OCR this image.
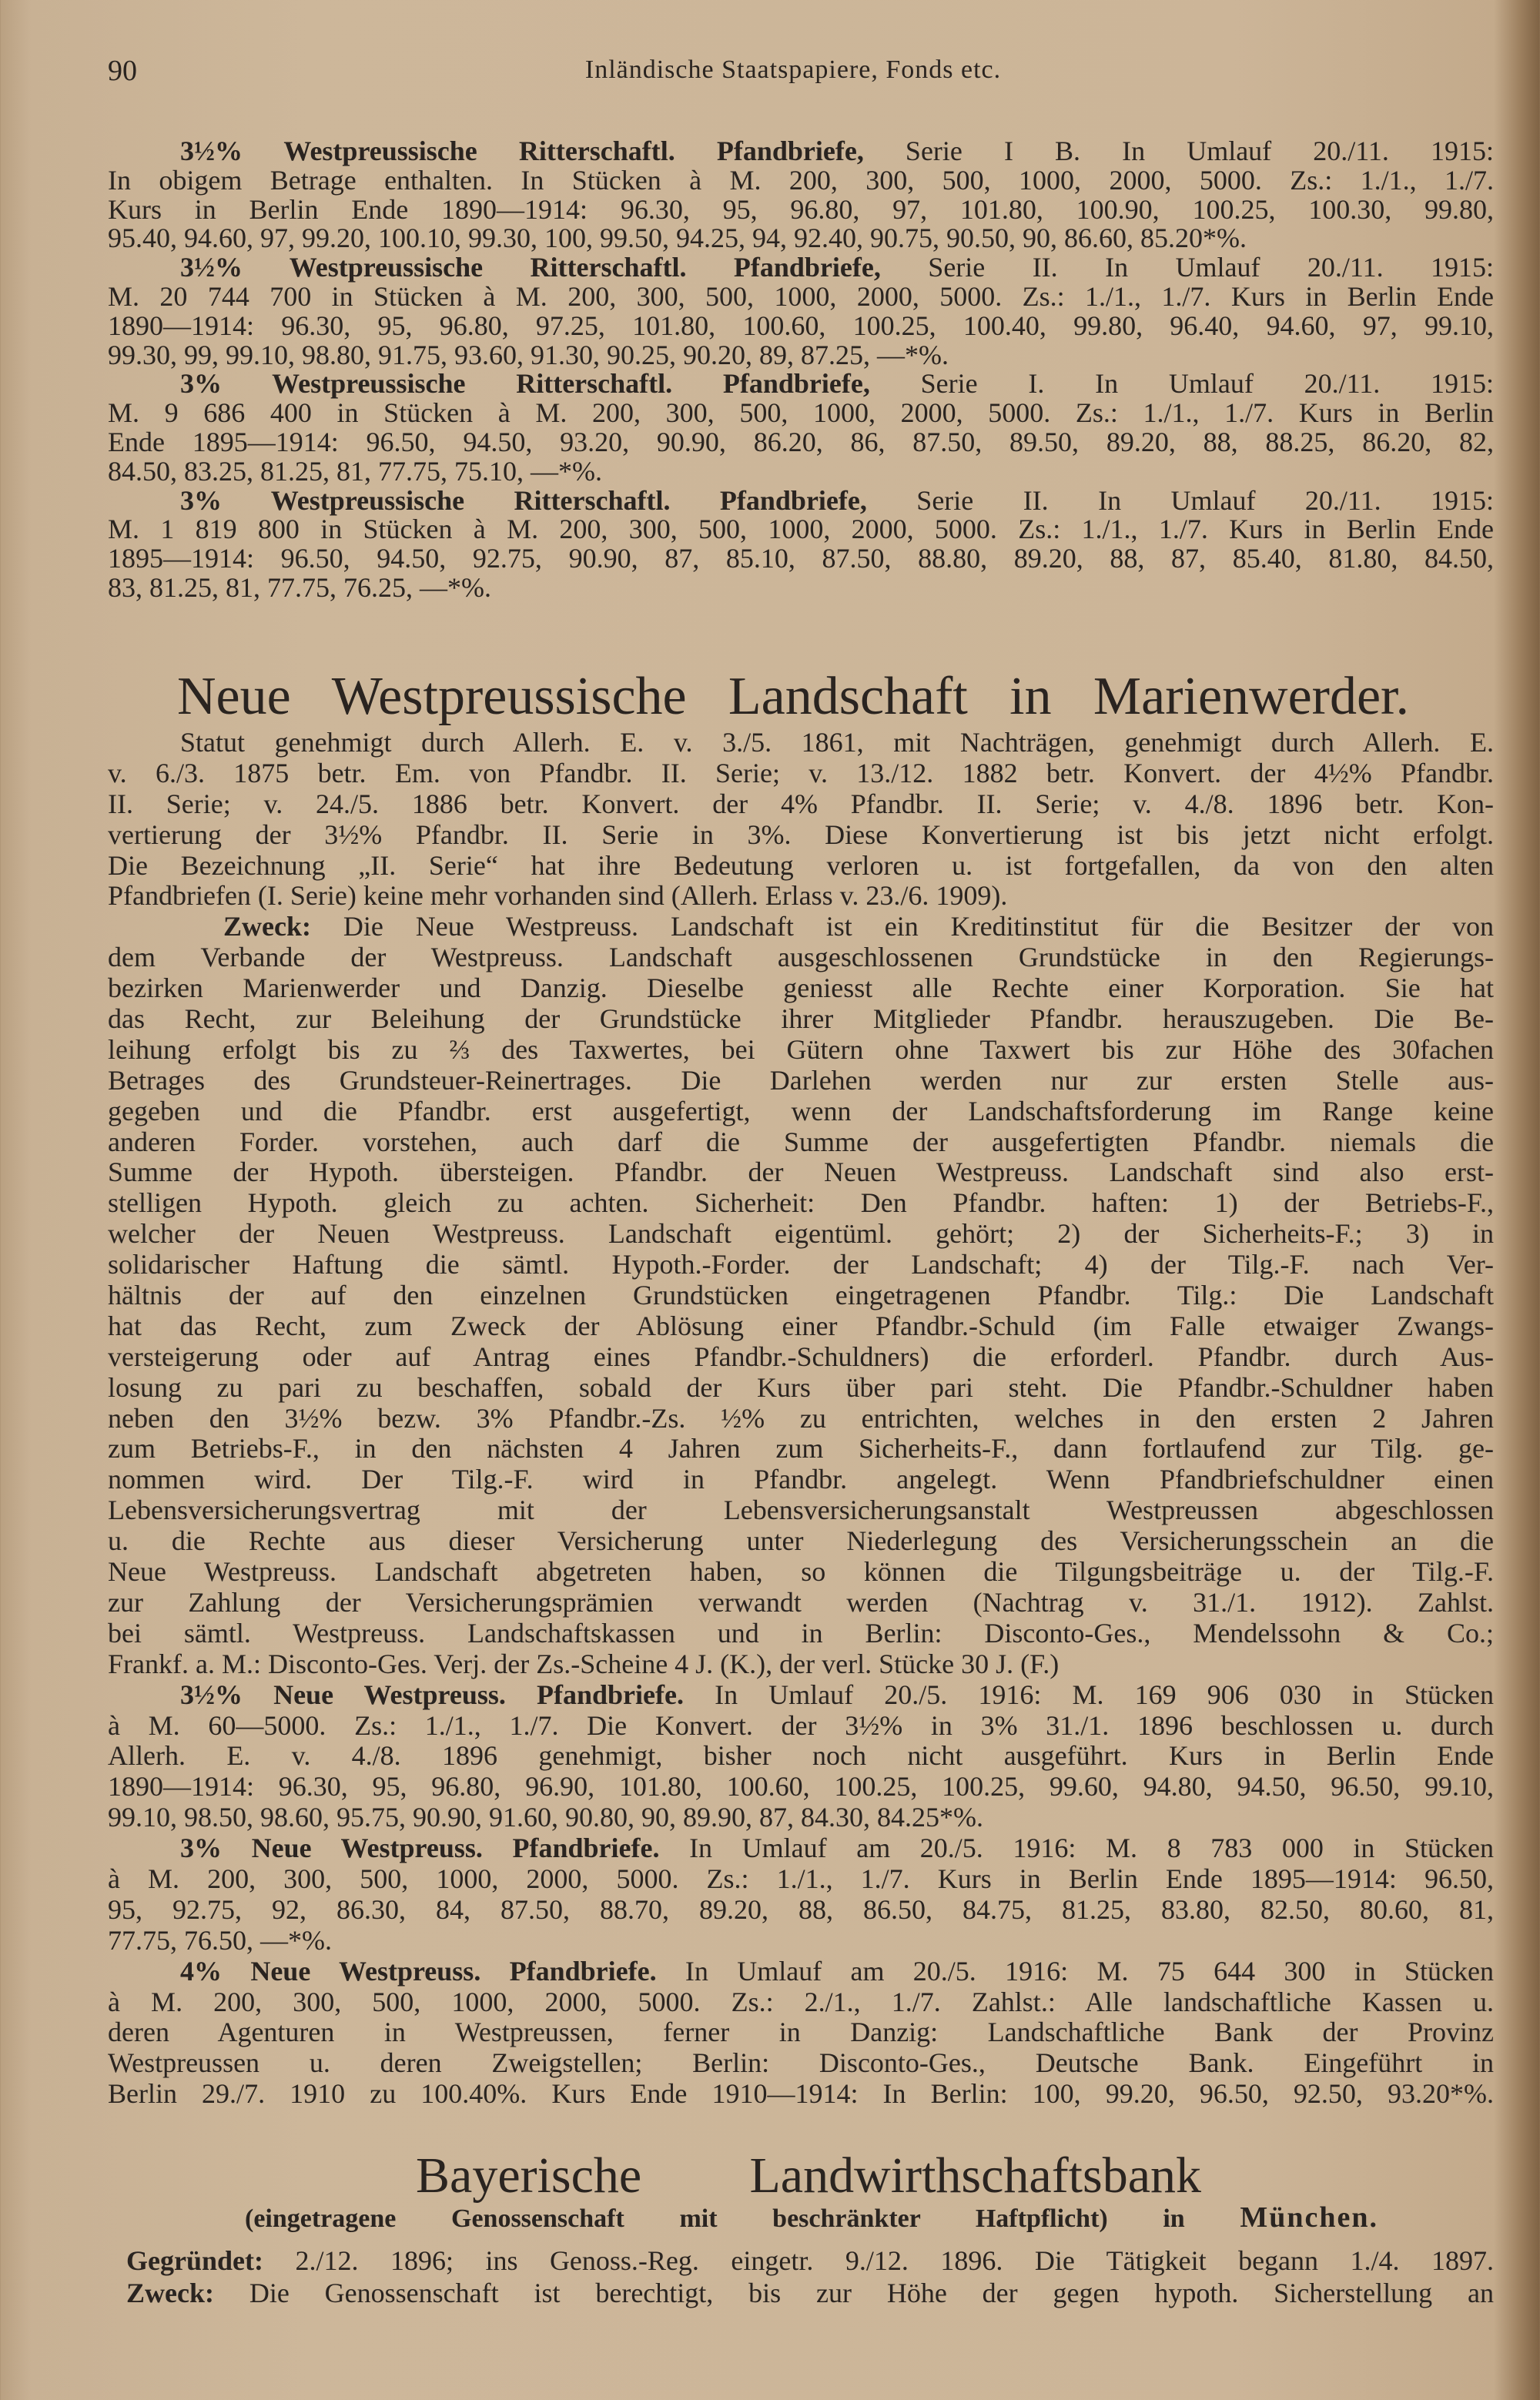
90	Inländische Staatspapiere, Fonds etc.
3½% Westpreussische Ritterschaftl. Pfandbriefe, Serie I B. In Umlauf 20./11. 1915:
In obigem Betrage enthalten. In Stücken à M. 200, 300, 500, 1000, 2000, 5000. Zs.: 1./1., 1./7.
Kurs in Berlin Ende 1890—1914: 96.30, 95, 96.80, 97, 101.80, 100.90, 100.25, 100.30, 99.80,
95.40, 94.60, 97, 99.20, 100.10, 99.30, 100, 99.50, 94.25, 94, 92.40, 90.75, 90.50, 90, 86.60, 85.20*%.
3½% Westpreussische Ritterschaftl. Pfandbriefe, Serie II. In Umlauf 20./11. 1915:
M. 20 744 700 in Stücken à M. 200, 300, 500, 1000, 2000, 5000. Zs.: 1./1., 1./7. Kurs in Berlin Ende
1890—1914: 96.30, 95, 96.80, 97.25, 101.80, 100.60, 100.25, 100.40, 99.80, 96.40, 94.60, 97, 99.10,
99.30, 99, 99.10, 98.80, 91.75, 93.60, 91.30, 90.25, 90.20, 89, 87.25, —*%.
3% Westpreussische Ritterschaftl. Pfandbriefe, Serie I. In Umlauf 20./11. 1915:
M. 9 686 400 in Stücken à M. 200, 300, 500, 1000, 2000, 5000. Zs.: 1./1., 1./7. Kurs in Berlin
Ende 1895—1914: 96.50, 94.50, 93.20, 90.90, 86.20, 86, 87.50, 89.50, 89.20, 88, 88.25, 86.20, 82,
84.50, 83.25, 81.25, 81, 77.75, 75.10, —*%.
3% Westpreussische Ritterschaftl. Pfandbriefe, Serie II. In Umlauf 20./11. 1915:
M. 1 819 800 in Stücken à M. 200, 300, 500, 1000, 2000, 5000. Zs.: 1./1., 1./7. Kurs in Berlin Ende
1895—1914: 96.50, 94.50, 92.75, 90.90, 87, 85.10, 87.50, 88.80, 89.20, 88, 87, 85.40, 81.80, 84.50,
83, 81.25, 81, 77.75, 76.25, —*%.
Neue Westpreussische Landschaft in Marienwerder.
Statut genehmigt durch Allerh. E. v. 3./5. 1861, mit Nachträgen, genehmigt durch Allerh. E.
v. 6./3. 1875 betr. Em. von Pfandbr. II. Serie; v. 13./12. 1882 betr. Konvert. der 4½% Pfandbr.
II. Serie; v. 24./5. 1886 betr. Konvert. der 4% Pfandbr. II. Serie; v. 4./8. 1896 betr. Kon-
vertierung der 3½% Pfandbr. II. Serie in 3%. Diese Konvertierung ist bis jetzt nicht erfolgt.
Die Bezeichnung „II. Serie“ hat ihre Bedeutung verloren u. ist fortgefallen, da von den alten
Pfandbriefen (I. Serie) keine mehr vorhanden sind (Allerh. Erlass v. 23./6. 1909).
Zweck: Die Neue Westpreuss. Landschaft ist ein Kreditinstitut für die Besitzer der von
dem Verbande der Westpreuss. Landschaft ausgeschlossenen Grundstücke in den Regierungs-
bezirken Marienwerder und Danzig. Dieselbe geniesst alle Rechte einer Korporation. Sie hat
das Recht, zur Beleihung der Grundstücke ihrer Mitglieder Pfandbr. herauszugeben. Die Be-
leihung erfolgt bis zu ⅔ des Taxwertes, bei Gütern ohne Taxwert bis zur Höhe des 30fachen
Betrages des Grundsteuer-Reinertrages. Die Darlehen werden nur zur ersten Stelle aus-
gegeben und die Pfandbr. erst ausgefertigt, wenn der Landschaftsforderung im Range keine
anderen Forder. vorstehen, auch darf die Summe der ausgefertigten Pfandbr. niemals die
Summe der Hypoth. übersteigen. Pfandbr. der Neuen Westpreuss. Landschaft sind also erst-
stelligen Hypoth. gleich zu achten. Sicherheit: Den Pfandbr. haften: 1) der Betriebs-F.,
welcher der Neuen Westpreuss. Landschaft eigentüml. gehört; 2) der Sicherheits-F.; 3) in
solidarischer Haftung die sämtl. Hypoth.-Forder. der Landschaft; 4) der Tilg.-F. nach Ver-
hältnis der auf den einzelnen Grundstücken eingetragenen Pfandbr. Tilg.: Die Landschaft
hat das Recht, zum Zweck der Ablösung einer Pfandbr.-Schuld (im Falle etwaiger Zwangs-
versteigerung oder auf Antrag eines Pfandbr.-Schuldners) die erforderl. Pfandbr. durch Aus-
losung zu pari zu beschaffen, sobald der Kurs über pari steht. Die Pfandbr.-Schuldner haben
neben den 3½% bezw. 3% Pfandbr.-Zs. ½% zu entrichten, welches in den ersten 2 Jahren
zum Betriebs-F., in den nächsten 4 Jahren zum Sicherheits-F., dann fortlaufend zur Tilg. ge-
nommen wird. Der Tilg.-F. wird in Pfandbr. angelegt. Wenn Pfandbriefschuldner einen
Lebensversicherungsvertrag mit der Lebensversicherungsanstalt Westpreussen abgeschlossen
u. die Rechte aus dieser Versicherung unter Niederlegung des Versicherungsschein an die
Neue Westpreuss. Landschaft abgetreten haben, so können die Tilgungsbeiträge u. der Tilg.-F.
zur Zahlung der Versicherungsprämien verwandt werden (Nachtrag v. 31./1. 1912). Zahlst.
bei sämtl. Westpreuss. Landschaftskassen und in Berlin: Disconto-Ges., Mendelssohn & Co.;
Frankf. a. M.: Disconto-Ges. Verj. der Zs.-Scheine 4 J. (K.), der verl. Stücke 30 J. (F.)
3½% Neue Westpreuss. Pfandbriefe. In Umlauf 20./5. 1916: M. 169 906 030 in Stücken
à M. 60—5000. Zs.: 1./1., 1./7. Die Konvert. der 3½% in 3% 31./1. 1896 beschlossen u. durch
Allerh. E. v. 4./8. 1896 genehmigt, bisher noch nicht ausgeführt. Kurs in Berlin Ende
1890—1914: 96.30, 95, 96.80, 96.90, 101.80, 100.60, 100.25, 100.25, 99.60, 94.80, 94.50, 96.50, 99.10,
99.10, 98.50, 98.60, 95.75, 90.90, 91.60, 90.80, 90, 89.90, 87, 84.30, 84.25*%.
3% Neue Westpreuss. Pfandbriefe. In Umlauf am 20./5. 1916: M. 8 783 000 in Stücken
à M. 200, 300, 500, 1000, 2000, 5000. Zs.: 1./1., 1./7. Kurs in Berlin Ende 1895—1914: 96.50,
95, 92.75, 92, 86.30, 84, 87.50, 88.70, 89.20, 88, 86.50, 84.75, 81.25, 83.80, 82.50, 80.60, 81,
77.75, 76.50, —*%.
4% Neue Westpreuss. Pfandbriefe. In Umlauf am 20./5. 1916: M. 75 644 300 in Stücken
à M. 200, 300, 500, 1000, 2000, 5000. Zs.: 2./1., 1./7. Zahlst.: Alle landschaftliche Kassen u.
deren Agenturen in Westpreussen, ferner in Danzig: Landschaftliche Bank der Provinz
Westpreussen u. deren Zweigstellen; Berlin: Disconto-Ges., Deutsche Bank. Eingeführt in
Berlin 29./7. 1910 zu 100.40%. Kurs Ende 1910—1914: In Berlin: 100, 99.20, 96.50, 92.50, 93.20*%.
Bayerische Landwirthschaftsbank
(eingetragene Genossenschaft mit beschränkter Haftpflicht) in München.
Gegründet: 2./12. 1896; ins Genoss.-Reg. eingetr. 9./12. 1896. Die Tätigkeit begann 1./4. 1897.
Zweck: Die Genossenschaft ist berechtigt, bis zur Höhe der gegen hypoth. Sicherstellung an
